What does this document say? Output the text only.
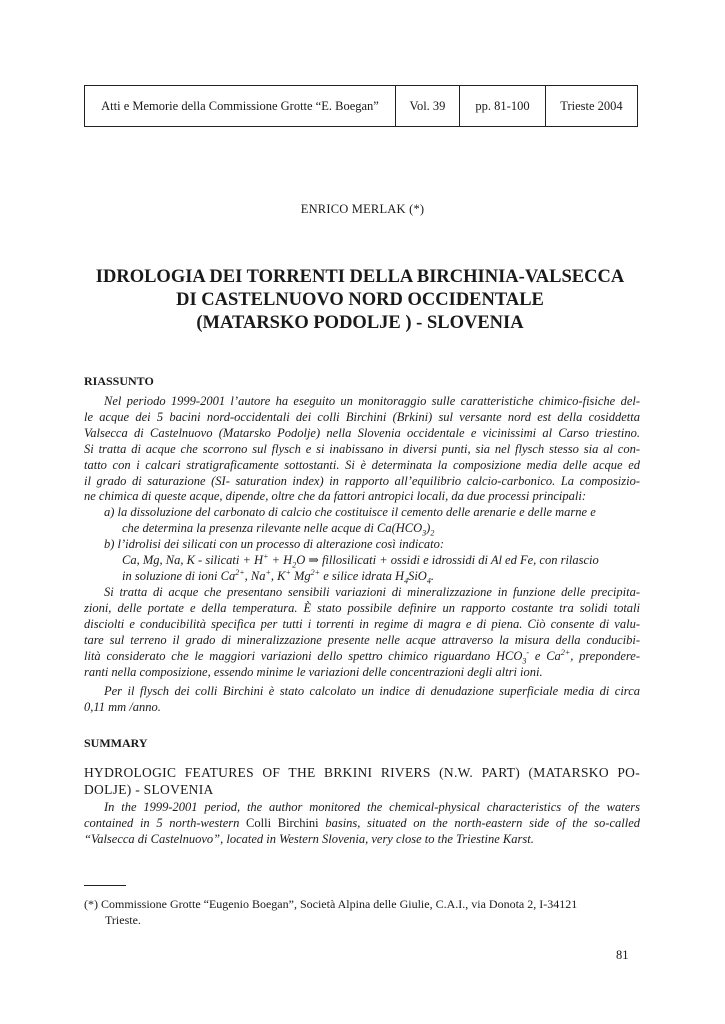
Atti e Memorie della Commissione Grotte “E. Boegan”	Vol. 39	pp. 81-100	Trieste 2004
ENRICO MERLAK (*)
IDROLOGIA DEI TORRENTI DELLA BIRCHINIA-VALSECCA
DI CASTELNUOVO NORD OCCIDENTALE
(MATARSKO PODOLJE ) - SLOVENIA
RIASSUNTO
Nel periodo 1999-2001 l’autore ha eseguito un monitoraggio sulle caratteristiche chimico-fisiche del-
le acque dei 5 bacini nord-occidentali dei colli Birchini (Brkini) sul versante nord est della cosiddetta
Valsecca di Castelnuovo (Matarsko Podolje) nella Slovenia occidentale e vicinissimi al Carso triestino.
Si tratta di acque che scorrono sul flysch e si inabissano in diversi punti, sia nel flysch stesso sia al con-
tatto con i calcari stratigraficamente sottostanti. Si è determinata la composizione media delle acque ed
il grado di saturazione (SI- saturation index) in rapporto all’equilibrio calcio-carbonico. La composizio-
ne chimica di queste acque, dipende, oltre che da fattori antropici locali, da due processi principali:
a) la dissoluzione del carbonato di calcio che costituisce il cemento delle arenarie e delle marne e
che determina la presenza rilevante nelle acque di $Ca(HCO_3)_2$
b) l’idrolisi dei silicati con un processo di alterazione così indicato:
Ca, Mg, Na, K - silicati + $H^+ + H_2O$ ⇒ fillosilicati + ossidi e idrossidi di Al ed Fe, con rilascio
in soluzione di ioni $Ca^{2+}$, Na+, K+ $Mg^{2+}$ e silice idrata $H_4SiO_4$.
Si tratta di acque che presentano sensibili variazioni di mineralizzazione in funzione delle precipita-
zioni, delle portate e della temperatura. È stato possibile definire un rapporto costante tra solidi totali
disciolti e conducibilità specifica per tutti i torrenti in regime di magra e di piena. Ciò consente di valu-
tare sul terreno il grado di mineralizzazione presente nelle acque attraverso la misura della conducibi-
lità considerato che le maggiori variazioni dello spettro chimico riguardano $HCO_3^-$ e $Ca^{2+}$, prepondere-
ranti nella composizione, essendo minime le variazioni delle concentrazioni degli altri ioni.
Per il flysch dei colli Birchini è stato calcolato un indice di denudazione superficiale media di circa
0,11 mm /anno.
SUMMARY
HYDROLOGIC FEATURES OF THE BRKINI RIVERS (N.W. PART) (MATARSKO PO-
DOLJE) - SLOVENIA
In the 1999-2001 period, the author monitored the chemical-physical characteristics of the waters
contained in 5 north-western Colli Birchini basins, situated on the north-eastern side of the so-called
“Valsecca di Castelnuovo”, located in Western Slovenia, very close to the Triestine Karst.
(*) Commissione Grotte “Eugenio Boegan”, Società Alpina delle Giulie, C.A.I., via Donota 2, I-34121
Trieste.
81
